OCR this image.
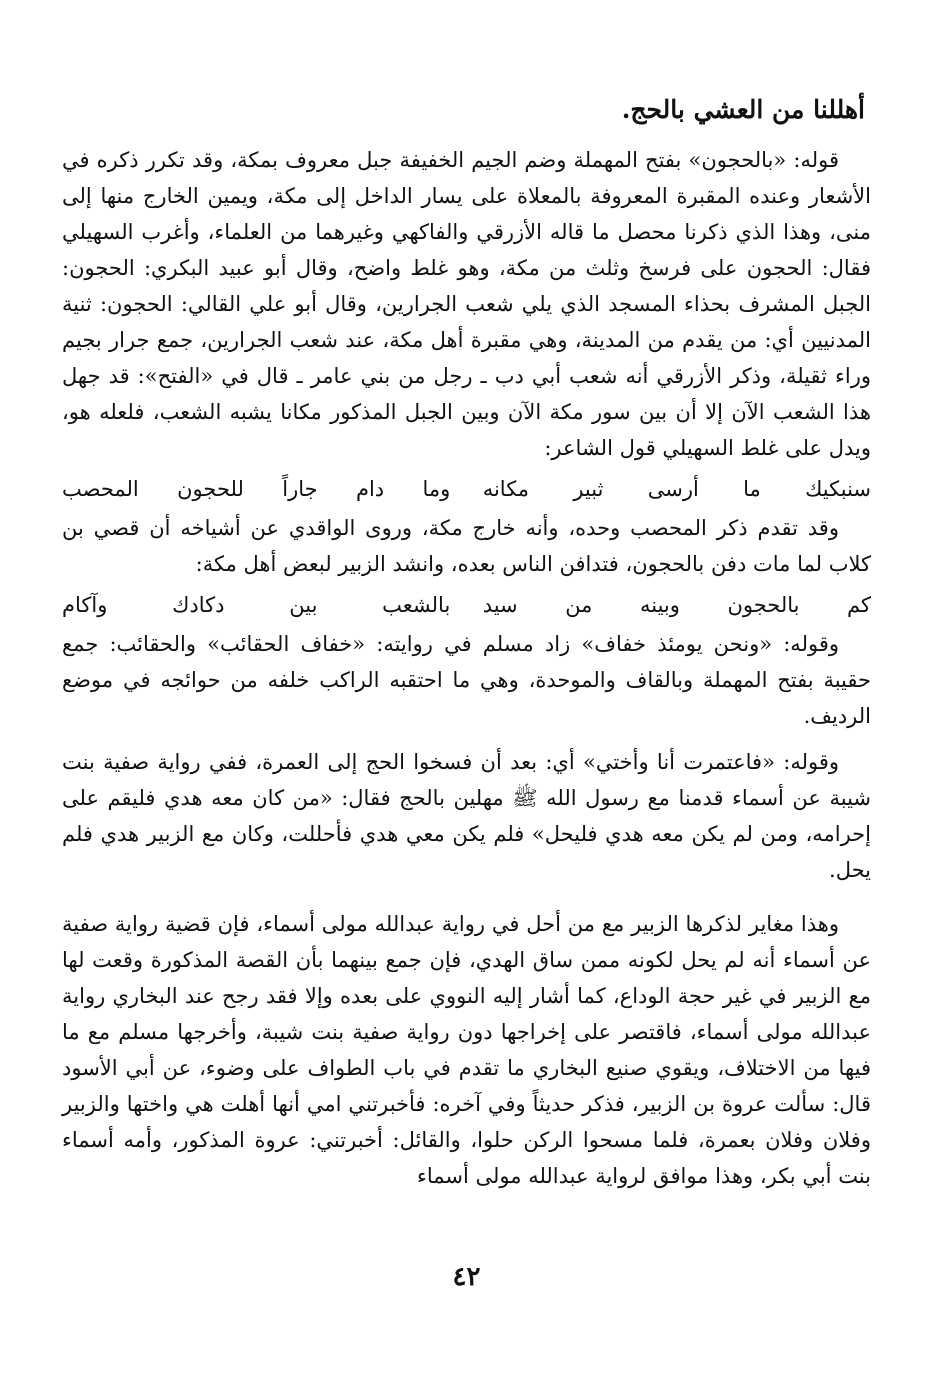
أهللنا من العشي بالحج.

قوله: «بالحجون» بفتح المهملة وضم الجيم الخفيفة جبل معروف بمكة، وقد تكرر ذكره في الأشعار وعنده المقبرة المعروفة بالمعلاة على يسار الداخل إلى مكة، ويمين الخارج منها إلى منى، وهذا الذي ذكرنا محصل ما قاله الأزرقي والفاكهي وغيرهما من العلماء، وأغرب السهيلي فقال: الحجون على فرسخ وثلث من مكة، وهو غلط واضح، وقال أبو عبيد البكري: الحجون: الجبل المشرف بحذاء المسجد الذي يلي شعب الجرارين، وقال أبو علي القالي: الحجون: ثنية المدنيين أي: من يقدم من المدينة، وهي مقبرة أهل مكة، عند شعب الجرارين، جمع جرار بجيم وراء ثقيلة، وذكر الأزرقي أنه شعب أبي دب ـ رجل من بني عامر ـ قال في «الفتح»: قد جهل هذا الشعب الآن إلا أن بين سور مكة الآن وبين الجبل المذكور مكانا يشبه الشعب، فلعله هو، ويدل على غلط السهيلي قول الشاعر:

سنبكيك ما أرسى ثبير مكانه
وما دام جاراً للحجون المحصب

وقد تقدم ذكر المحصب وحده، وأنه خارج مكة، وروى الواقدي عن أشياخه أن قصي بن كلاب لما مات دفن بالحجون، فتدافن الناس بعده، وانشد الزبير لبعض أهل مكة:

كم بالحجون وبينه من سيد
بالشعب بين دكادك وآكام

وقوله: «ونحن يومئذ خفاف» زاد مسلم في روايته: «خفاف الحقائب» والحقائب: جمع حقيبة بفتح المهملة وبالقاف والموحدة، وهي ما احتقبه الراكب خلفه من حوائجه في موضع الرديف.

وقوله: «فاعتمرت أنا وأختي» أي: بعد أن فسخوا الحج إلى العمرة، ففي رواية صفية بنت شيبة عن أسماء قدمنا مع رسول الله ﷺ مهلين بالحج فقال: «من كان معه هدي فليقم على إحرامه، ومن لم يكن معه هدي فليحل» فلم يكن معي هدي فأحللت، وكان مع الزبير هدي فلم يحل.

وهذا مغاير لذكرها الزبير مع من أحل في رواية عبدالله مولى أسماء، فإن قضية رواية صفية عن أسماء أنه لم يحل لكونه ممن ساق الهدي، فإن جمع بينهما بأن القصة المذكورة وقعت لها مع الزبير في غير حجة الوداع، كما أشار إليه النووي على بعده وإلا فقد رجح عند البخاري رواية عبدالله مولى أسماء، فاقتصر على إخراجها دون رواية صفية بنت شيبة، وأخرجها مسلم مع ما فيها من الاختلاف، ويقوي صنيع البخاري ما تقدم في باب الطواف على وضوء، عن أبي الأسود قال: سألت عروة بن الزبير، فذكر حديثاً وفي آخره: فأخبرتني امي أنها أهلت هي واختها والزبير وفلان وفلان بعمرة، فلما مسحوا الركن حلوا، والقائل: أخبرتني: عروة المذكور، وأمه أسماء بنت أبي بكر، وهذا موافق لرواية عبدالله مولى أسماء

٤٢
